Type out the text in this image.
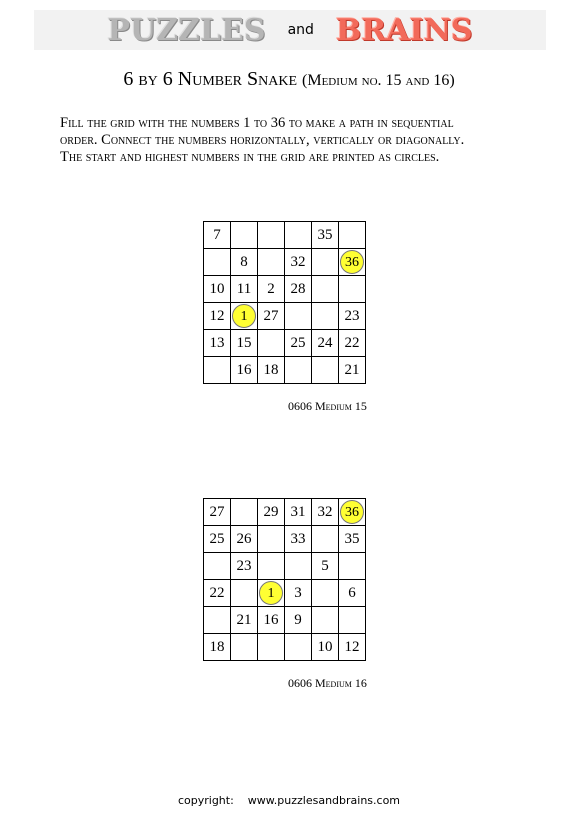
PUZZLES and BRAINS
6 by 6 Number Snake (Medium no. 15 and 16)
Fill the grid with the numbers 1 to 36 to make a path in sequential
order. Connect the numbers horizontally, vertically or diagonally.
The start and highest numbers in the grid are printed as circles.
7				35	
	8		32		36
10	11	2	28		
12	1	27			23
13	15		25	24	22
	16	18			21
0606 Medium 15
27		29	31	32	36
25	26		33		35
	23			5	
22		1	3		6
	21	16	9		
18				10	12
0606 Medium 16
copyright: www.puzzlesandbrains.com
